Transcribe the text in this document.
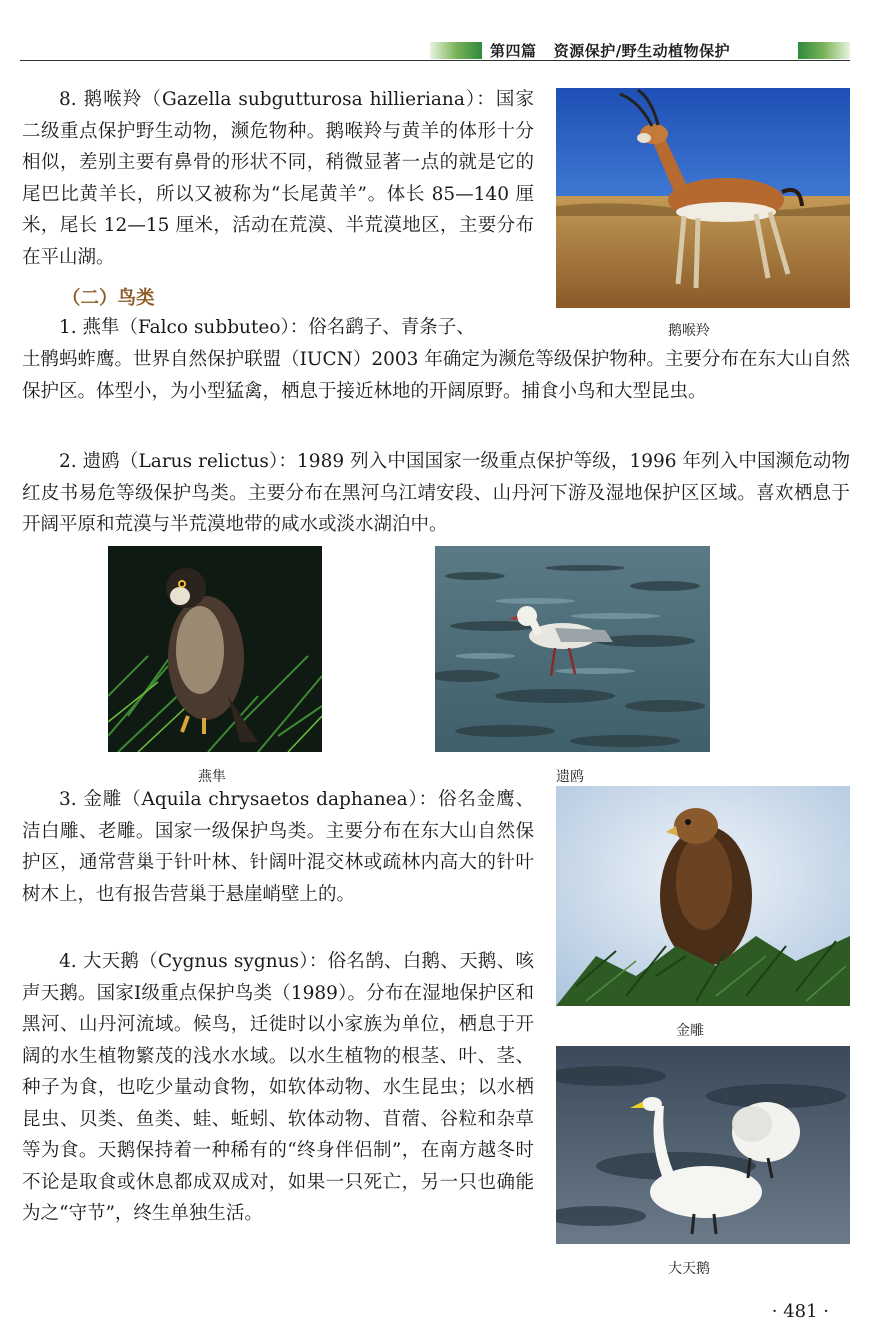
第四篇 资源保护/野生动植物保护
8. 鹅喉羚（Gazella subgutturosa hillieriana）：国家二级重点保护野生动物，濒危物种。鹅喉羚与黄羊的体形十分相似，差别主要有鼻骨的形状不同，稍微显著一点的就是它的尾巴比黄羊长，所以又被称为“长尾黄羊”。体长 85—140 厘米，尾长 12—15 厘米，活动在荒漠、半荒漠地区，主要分布在平山湖。
鹅喉羚
（二）鸟类
1. 燕隼（Falco subbuteo）：俗名鹞子、青条子、
土鹘蚂蚱鹰。世界自然保护联盟（IUCN）2003 年确定为濒危等级保护物种。主要分布在东大山自然保护区。体型小，为小型猛禽，栖息于接近林地的开阔原野。捕食小鸟和大型昆虫。
2. 遗鸥（Larus relictus）：1989 列入中国国家一级重点保护等级，1996 年列入中国濒危动物红皮书易危等级保护鸟类。主要分布在黑河乌江靖安段、山丹河下游及湿地保护区区域。喜欢栖息于开阔平原和荒漠与半荒漠地带的咸水或淡水湖泊中。
燕隼	遗鸥
3. 金雕（Aquila chrysaetos daphanea）：俗名金鹰、洁白雕、老雕。国家一级保护鸟类。主要分布在东大山自然保护区，通常营巢于针叶林、针阔叶混交林或疏林内高大的针叶树木上，也有报告营巢于悬崖峭壁上的。
金雕
4. 大天鹅（Cygnus sygnus）：俗名鹄、白鹅、天鹅、咳声天鹅。国家Ⅰ级重点保护鸟类（1989）。分布在湿地保护区和黑河、山丹河流域。候鸟，迁徙时以小家族为单位，栖息于开阔的水生植物繁茂的浅水水域。以水生植物的根茎、叶、茎、种子为食，也吃少量动食物，如软体动物、水生昆虫；以水栖昆虫、贝类、鱼类、蛙、蚯蚓、软体动物、苜蓿、谷粒和杂草等为食。天鹅保持着一种稀有的“终身伴侣制”，在南方越冬时不论是取食或休息都成双成对，如果一只死亡，另一只也确能为之“守节”，终生单独生活。
大天鹅
· 481 ·
